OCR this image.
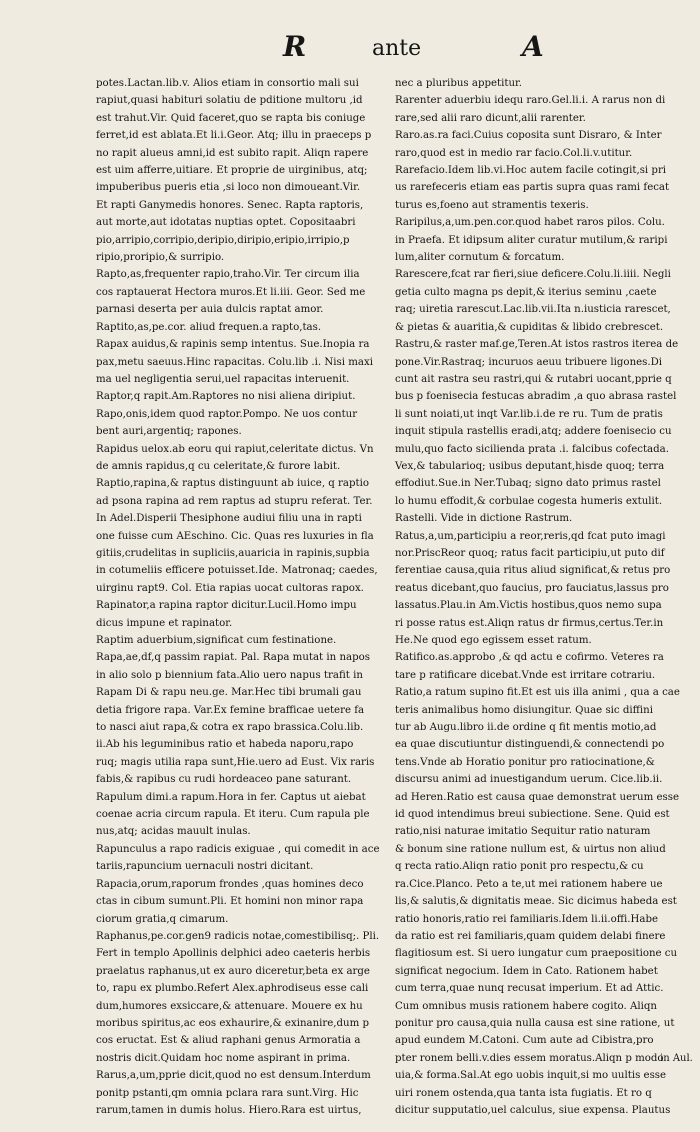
R	ante	A

potes.Lactan.lib.v. Alios etiam in consortio mali sui

rapiut,quasi habituri solatiu de pditione multoru ,id

est trahut.Vir. Quid faceret,quo se rapta bis coniuge

ferret,id est ablata.Et li.i.Geor. Atq; illu in praeceps p

no rapit alueus amni,id est subito rapit. Aliqn rapere

est uim afferre,uitiare. Et proprie de uirginibus, atq;

impuberibus pueris etia ,si loco non dimoueant.Vir.

Et rapti Ganymedis honores. Senec. Rapta raptoris,

aut morte,aut idotatas nuptias optet. Copositaabri

pio,arripio,corripio,deripio,diripio,eripio,irripio,p

ripio,proripio,& surripio.

Rapto,as,frequenter rapio,traho.Vir. Ter circum ilia

cos raptauerat Hectora muros.Et li.iii. Geor. Sed me

parnasi deserta per auia dulcis raptat amor.

Raptito,as,pe.cor. aliud frequen.a rapto,tas.

Rapax auidus,& rapinis semp intentus. Sue.Inopia ra

pax,metu saeuus.Hinc rapacitas. Colu.lib .i. Nisi maxi

ma uel negligentia serui,uel rapacitas interuenit.

Raptor,q rapit.Am.Raptores no nisi aliena diripiut.

Rapo,onis,idem quod raptor.Pompo. Ne uos contur

bent auri,argentiq; rapones.

Rapidus uelox.ab eoru qui rapiut,celeritate dictus. Vn

de amnis rapidus,q cu celeritate,& furore labit.

Raptio,rapina,& raptus distinguunt ab iuice, q raptio

ad psona rapina ad rem raptus ad stupru referat. Ter.

In Adel.Disperii Thesiphone audiui filiu una in rapti

one fuisse cum AEschino. Cic. Quas res luxuries in fla

gitiis,crudelitas in supliciis,auaricia in rapinis,supbia

in cotumeliis efficere potuisset.Ide. Matronaq; caedes,

uirginu rapt9. Col. Etia rapias uocat cultoras rapox.

Rapinator,a rapina raptor dicitur.Lucil.Homo impu

dicus impune et rapinator.

Raptim aduerbium,significat cum festinatione.

Rapa,ae,df,q passim rapiat. Pal. Rapa mutat in napos

in alio solo p biennium fata.Alio uero napus trafit in

Rapam Di & rapu neu.ge. Mar.Hec tibi brumali gau

detia frigore rapa. Var.Ex femine brafficae uetere fa

to nasci aiut rapa,& cotra ex rapo brassica.Colu.lib.

ii.Ab his leguminibus ratio et habeda naporu,rapo

ruq; magis utilia rapa sunt,Hie.uero ad Eust. Vix raris

fabis,& rapibus cu rudi hordeaceo pane saturant.

Rapulum dimi.a rapum.Hora in fer. Captus ut aiebat

coenae acria circum rapula. Et iteru. Cum rapula ple

nus,atq; acidas mauult inulas.

Rapunculus a rapo radicis exiguae , qui comedit in ace

tariis,rapuncium uernaculi nostri dicitant.

Rapacia,orum,raporum frondes ,quas homines deco

ctas in cibum sumunt.Pli. Et homini non minor rapa

ciorum gratia,q cimarum.

Raphanus,pe.cor.gen9 radicis notae,comestibilisq;. Pli.

Fert in templo Apollinis delphici adeo caeteris herbis

praelatus raphanus,ut ex auro diceretur,beta ex arge

to, rapu ex plumbo.Refert Alex.aphrodiseus esse cali

dum,humores exsiccare,& attenuare. Mouere ex hu

moribus spiritus,ac eos exhaurire,& exinanire,dum p

cos eructat. Est & aliud raphani genus Armoratia a

nostris dicit.Quidam hoc nome aspirant in prima.

Rarus,a,um,pprie dicit,quod no est densum.Interdum

ponitp pstanti,qm omnia pclara rara sunt.Virg. Hic

rarum,tamen in dumis holus. Hiero.Rara est uirtus,

nec a pluribus appetitur.

Rarenter aduerbiu idequ raro.Gel.li.i. A rarus non di

rare,sed alii raro dicunt,alii rarenter.

Raro.as.ra faci.Cuius coposita sunt Disraro, & Inter

raro,quod est in medio rar facio.Col.li.v.utitur.

Rarefacio.Idem lib.vi.Hoc autem facile cotingit,si pri

us rarefeceris etiam eas partis supra quas rami fecat

turus es,foeno aut stramentis texeris.

Raripilus,a,um.pen.cor.quod habet raros pilos. Colu.

in Praefa. Et idipsum aliter curatur mutilum,& raripi

lum,aliter cornutum & forcatum.

Rarescere,fcat rar fieri,siue deficere.Colu.li.iiii. Negli

getia culto magna ps depit,& iterius seminu ,caete

raq; uiretia rarescut.Lac.lib.vii.Ita n.iusticia rarescet,

& pietas & auaritia,& cupiditas & libido crebrescet.

Rastru,& raster maf.ge,Teren.At istos rastros iterea de

pone.Vir.Rastraq; incuruos aeuu tribuere ligones.Di

cunt ait rastra seu rastri,qui & rutabri uocant,pprie q

bus p foenisecia festucas abradim ,a quo abrasa rastel

li sunt noiati,ut inqt Var.lib.i.de re ru. Tum de pratis

inquit stipula rastellis eradi,atq; addere foenisecio cu

mulu,quo facto sicilienda prata .i. falcibus cofectada.

Vex,& tabularioq; usibus deputant,hisde quoq; terra

effodiut.Sue.in Ner.Tubaq; signo dato primus rastel

lo humu effodit,& corbulae cogesta humeris extulit.

Rastelli. Vide in dictione Rastrum.

Ratus,a,um,participiu a reor,reris,qd fcat puto imagi

nor.PriscReor quoq; ratus facit participiu,ut puto dif

ferentiae causa,quia ritus aliud significat,& retus pro

reatus dicebant,quo faucius, pro fauciatus,lassus pro

lassatus.Plau.in Am.Victis hostibus,quos nemo supa

ri posse ratus est.Aliqn ratus dr firmus,certus.Ter.in

He.Ne quod ego egissem esset ratum.

Ratifico.as.approbo ,& qd actu e cofirmo. Veteres ra

tare p ratificare dicebat.Vnde est irritare cotrariu.

Ratio,a ratum supino fit.Et est uis illa animi , qua a cae

teris animalibus homo disiungitur. Quae sic diffini

tur ab Augu.libro ii.de ordine q fit mentis motio,ad

ea quae discutiuntur distinguendi,& connectendi po

tens.Vnde ab Horatio ponitur pro ratiocinatione,&

discursu animi ad inuestigandum uerum. Cice.lib.ii.

ad Heren.Ratio est causa quae demonstrat uerum esse

id quod intendimus breui subiectione. Sene. Quid est

ratio,nisi naturae imitatio Sequitur ratio naturam

& bonum sine ratione nullum est, & uirtus non aliud

q recta ratio.Aliqn ratio ponit pro respectu,& cu

ra.Cice.Planco. Peto a te,ut mei rationem habere ue

lis,& salutis,& dignitatis meae. Sic dicimus habeda est

ratio honoris,ratio rei familiaris.Idem li.ii.offi.Habe

da ratio est rei familiaris,quam quidem delabi finere

flagitiosum est. Si uero iungatur cum praepositione cu

significat negocium. Idem in Cato. Rationem habet

cum terra,quae nunq recusat imperium. Et ad Attic.

Cum omnibus musis rationem habere cogito. Aliqn

ponitur pro causa,quia nulla causa est sine ratione, ut

apud eundem M.Catoni. Cum aute ad Cibistra,pro

pter ronem belli.v.dies essem moratus.Aliqn p modo

uia,& forma.Sal.At ego uobis inquit,si mo uultis esse

uiri ronem ostenda,qua tanta ista fugiatis. Et ro q

dicitur supputatio,uel calculus, siue expensa. Plautus

in Aul.
